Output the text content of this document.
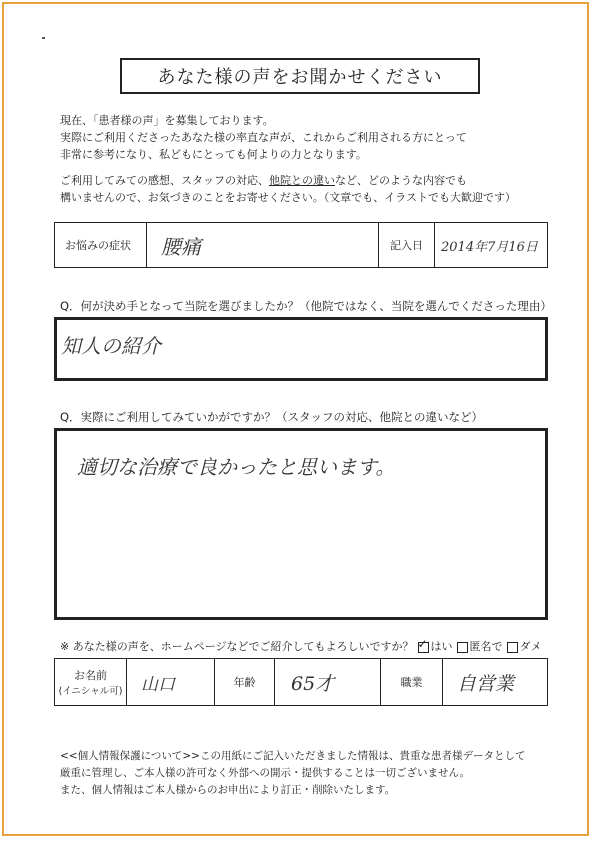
あなた様の声をお聞かせください
現在、「患者様の声」を募集しております。
実際にご利用くださったあなた様の率直な声が、これからご利用される方にとって
非常に参考になり、私どもにとっても何よりの力となります。
ご利用してみての感想、スタッフの対応、他院との違いなど、どのような内容でも
構いませんので、お気づきのことをお寄せください。（文章でも、イラストでも大歓迎です）
お悩みの症状	腰痛	記入日	2014年7月16日
Q．何が決め手となって当院を選びましたか？（他院ではなく、当院を選んでくださった理由）
知人の紹介
Q．実際にご利用してみていかがですか？（スタッフの対応、他院との違いなど）
適切な治療で良かったと思います。
※ あなた様の声を、ホームページなどでご紹介してもよろしいですか？
✓	はい	匿名で	ダメ
お名前
(イニシャル可)	山口	年齢	65才	職業	自営業
<<個人情報保護について>>この用紙にご記入いただきました情報は、貴重な患者様データとして
厳重に管理し、ご本人様の許可なく外部への開示・提供することは一切ございません。
また、個人情報はご本人様からのお申出により訂正・削除いたします。
